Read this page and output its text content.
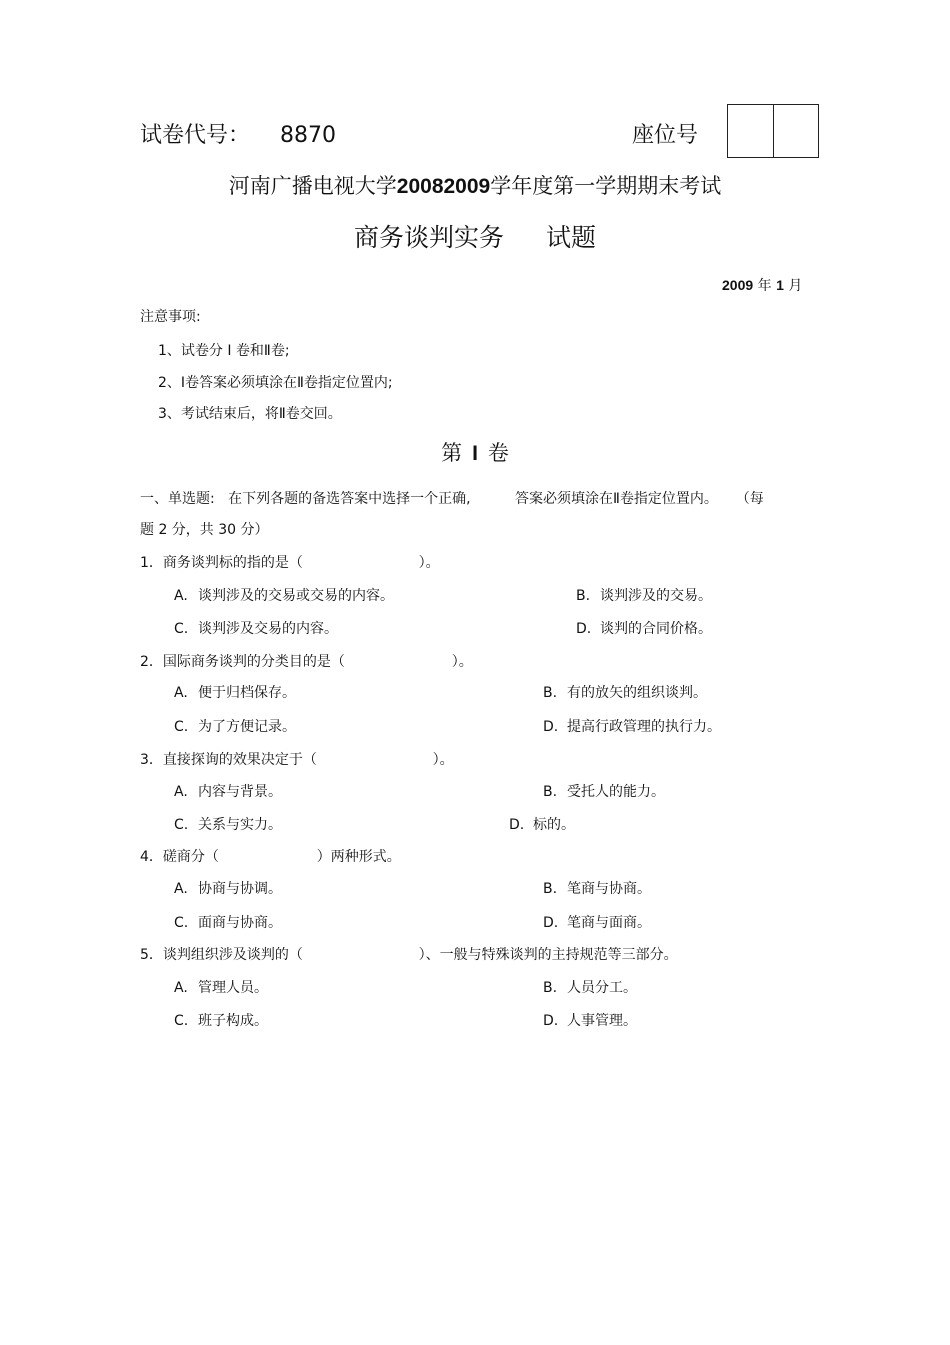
试卷代号： 8870	座位号
河南广播电视大学20082009学年度第一学期期末考试
商务谈判实务 试题
2009 年 1 月
注意事项:
1、试卷分 Ⅰ 卷和Ⅱ卷;
2、Ⅰ卷答案必须填涂在Ⅱ卷指定位置内;
3、考试结束后，将Ⅱ卷交回。
第 I 卷
一、单选题:   在下列各题的备选答案中选择一个正确,          答案必须填涂在Ⅱ卷指定位置内。    （每
题 2 分，共 30 分）
1．商务谈判标的指的是（                          ）。
A. 谈判涉及的交易或交易的内容。	B. 谈判涉及的交易。
C. 谈判涉及交易的内容。	D. 谈判的合同价格。
2．国际商务谈判的分类目的是（                        ）。
A. 便于归档保存。	B. 有的放矢的组织谈判。
C. 为了方便记录。	D. 提高行政管理的执行力。
3．直接探询的效果决定于（                          ）。
A. 内容与背景。	B. 受托人的能力。
C. 关系与实力。	D. 标的。
4．磋商分（                      ）两种形式。
A. 协商与协调。	B. 笔商与协商。
C. 面商与协商。	D. 笔商与面商。
5．谈判组织涉及谈判的（                          ）、一般与特殊谈判的主持规范等三部分。
A. 管理人员。	B. 人员分工。
C. 班子构成。	D. 人事管理。
